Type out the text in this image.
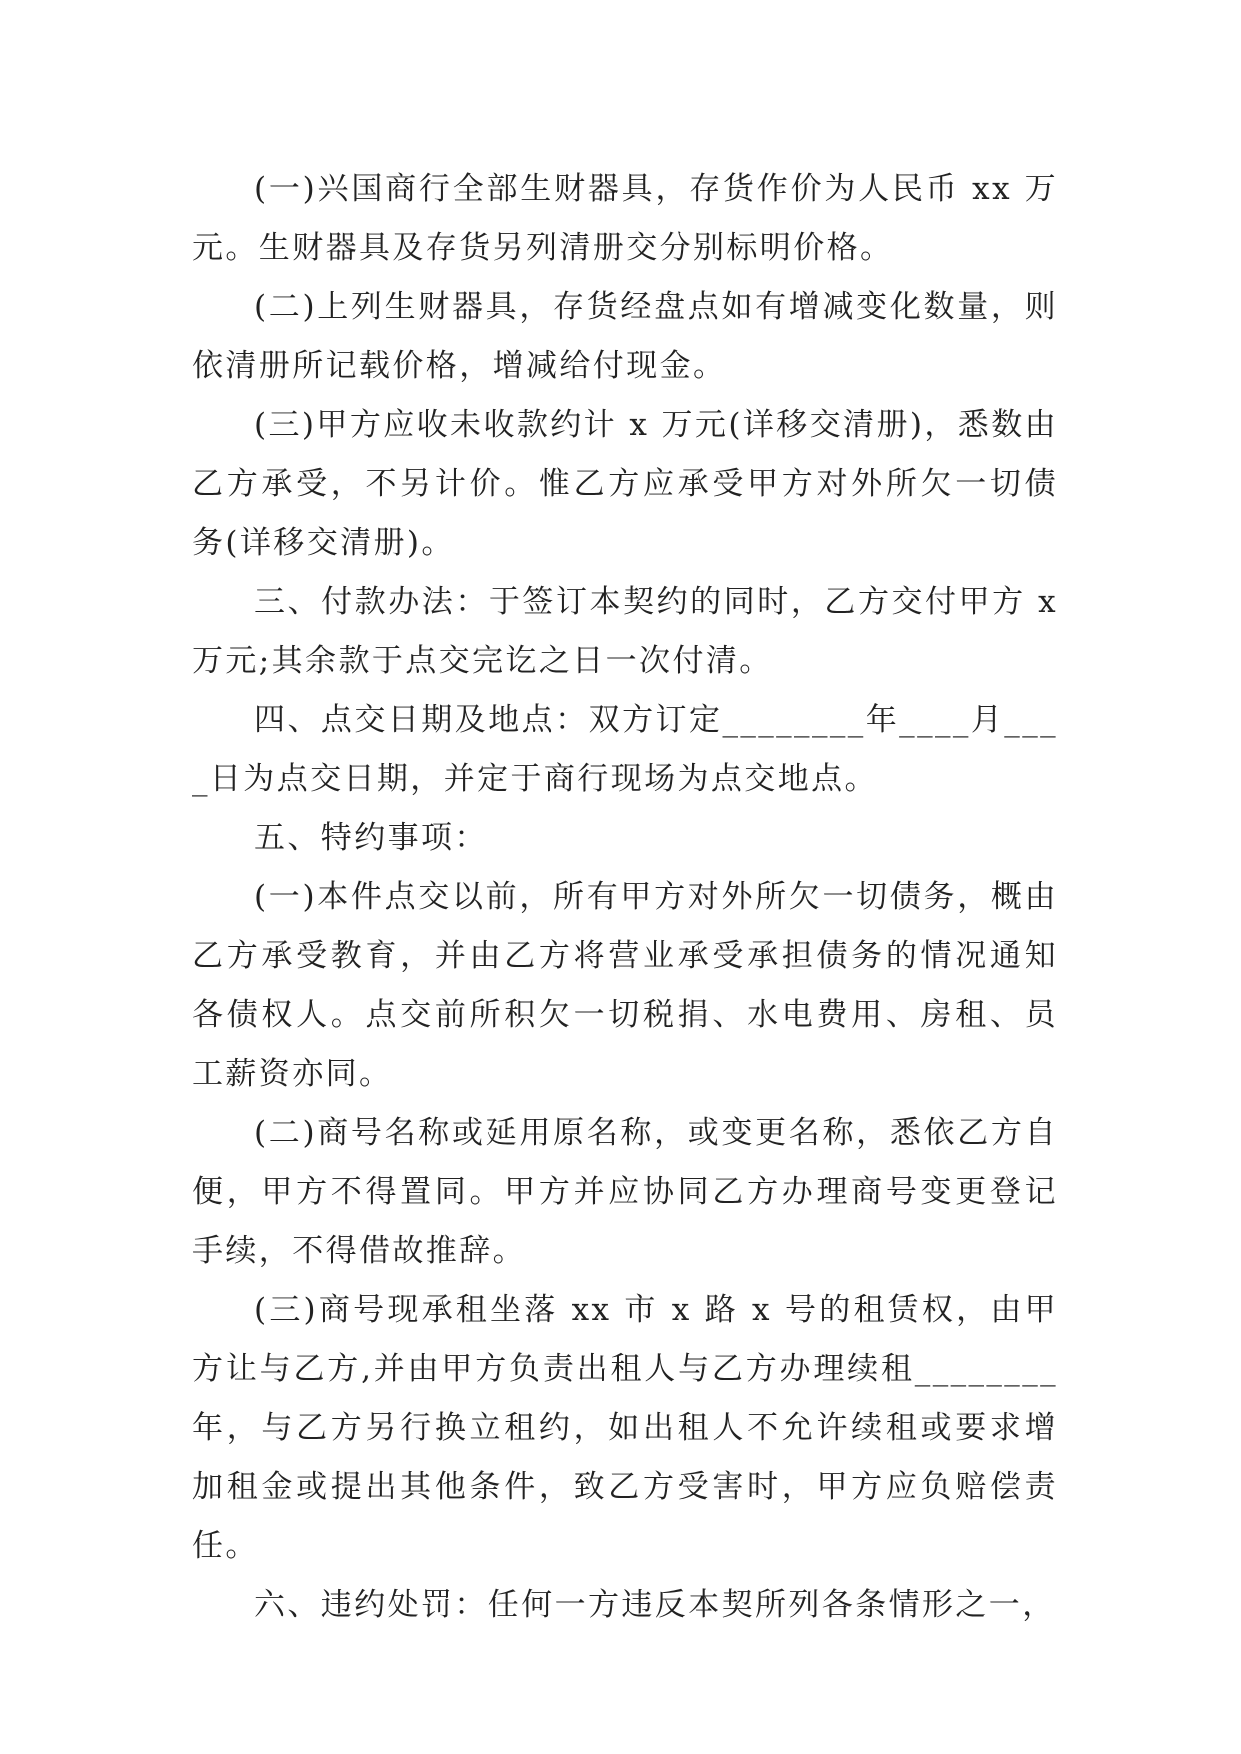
(一)兴国商行全部生财器具，存货作价为人民币 xx 万元。生财器具及存货另列清册交分别标明价格。

(二)上列生财器具，存货经盘点如有增减变化数量，则依清册所记载价格，增减给付现金。

(三)甲方应收未收款约计 x 万元(详移交清册)，悉数由乙方承受，不另计价。惟乙方应承受甲方对外所欠一切债务(详移交清册)。

三、付款办法：于签订本契约的同时，乙方交付甲方 x 万元;其余款于点交完讫之日一次付清。

四、点交日期及地点：双方订定________年____月____日为点交日期，并定于商行现场为点交地点。

五、特约事项：

(一)本件点交以前，所有甲方对外所欠一切债务，概由乙方承受教育，并由乙方将营业承受承担债务的情况通知各债权人。点交前所积欠一切税捐、水电费用、房租、员工薪资亦同。

(二)商号名称或延用原名称，或变更名称，悉依乙方自便，甲方不得置同。甲方并应协同乙方办理商号变更登记手续，不得借故推辞。

(三)商号现承租坐落 xx 市 x 路 x 号的租赁权，由甲方让与乙方,并由甲方负责出租人与乙方办理续租________年，与乙方另行换立租约，如出租人不允许续租或要求增加租金或提出其他条件，致乙方受害时，甲方应负赔偿责任。

六、违约处罚：任何一方违反本契所列各条情形之一，
